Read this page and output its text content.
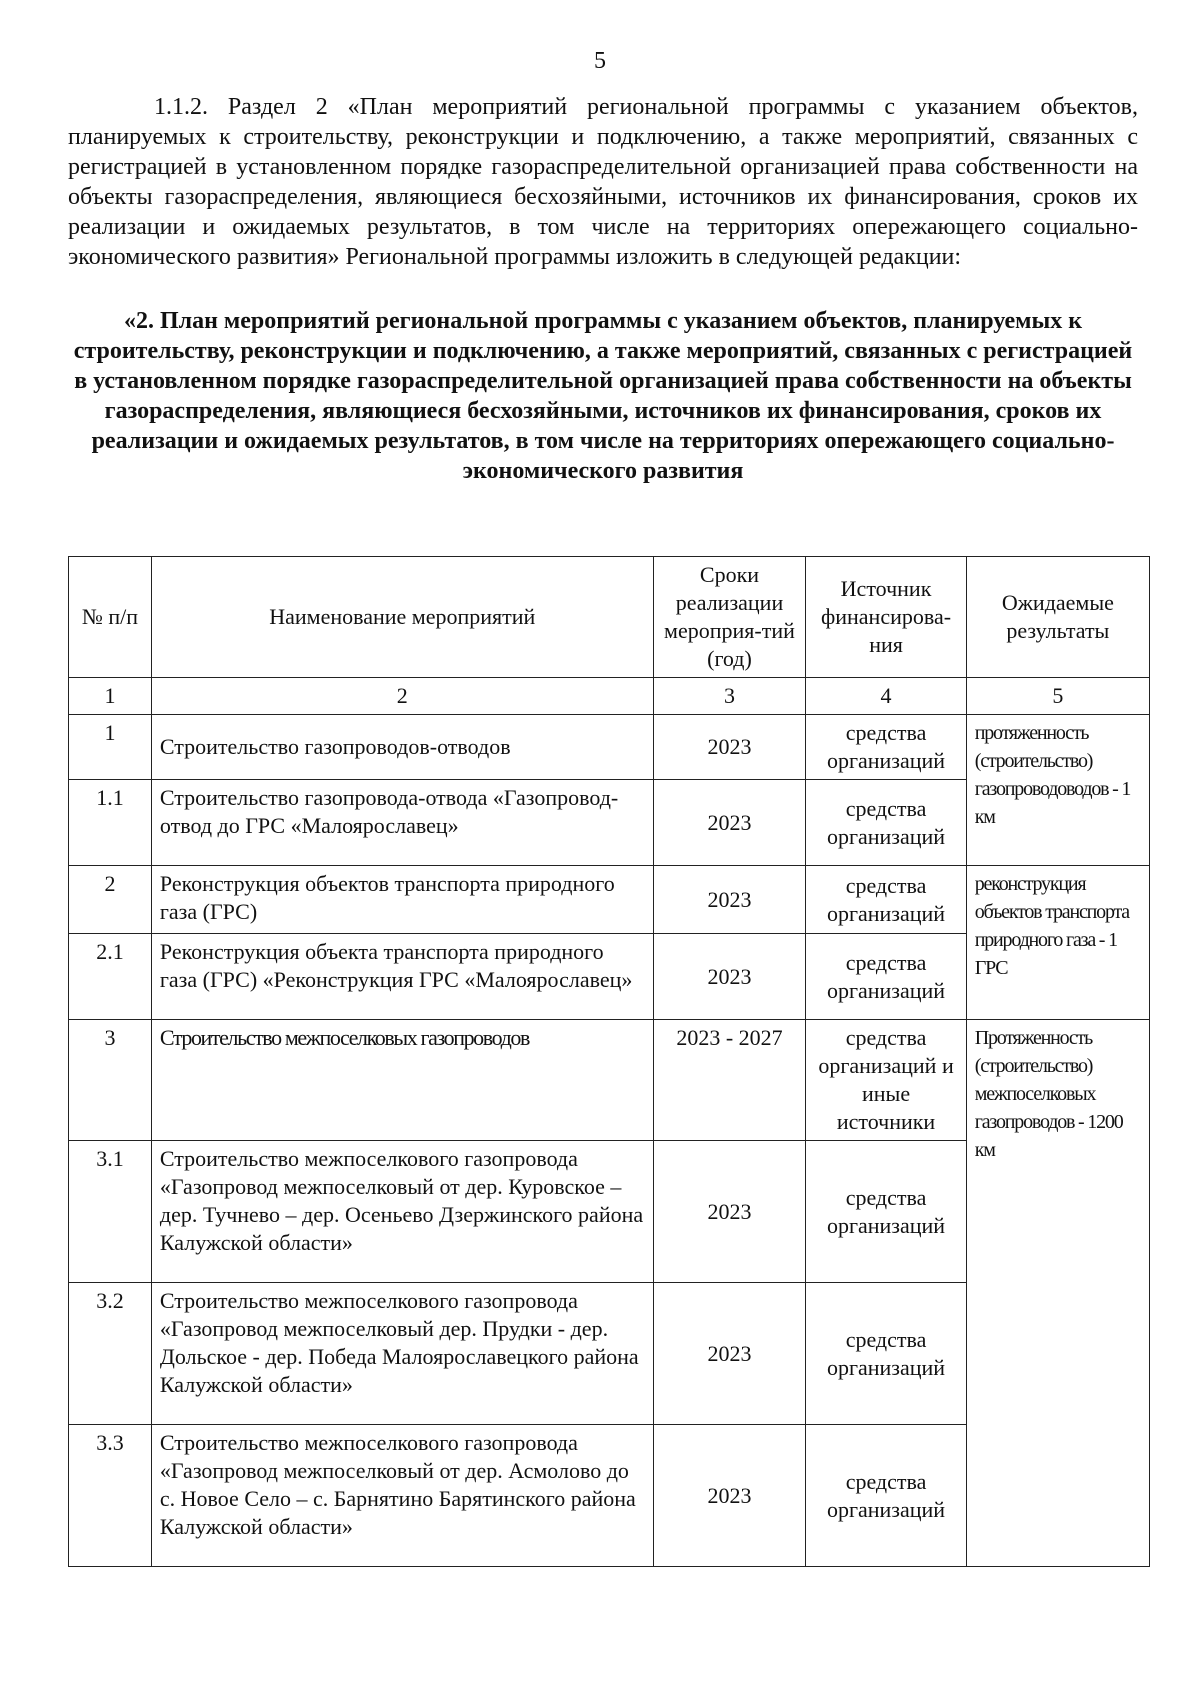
5

1.1.2. Раздел 2 «План мероприятий региональной программы с указанием объектов, планируемых к строительству, реконструкции и подключению, а также мероприятий, связанных с регистрацией в установленном порядке газораспределительной организацией права собственности на объекты газораспределения, являющиеся бесхозяйными, источников их финансирования, сроков их реализации и ожидаемых результатов, в том числе на территориях опережающего социально-экономического развития» Региональной программы изложить в следующей редакции:

«2. План мероприятий региональной программы с указанием объектов, планируемых к строительству, реконструкции и подключению, а также мероприятий, связанных с регистрацией в установленном порядке газораспределительной организацией права собственности на объекты газораспределения, являющиеся бесхозяйными, источников их финансирования, сроков их реализации и ожидаемых результатов, в том числе на территориях опережающего социально-экономического развития
№ п/п	Наименование мероприятий	Сроки реализации мероприя-тий (год)	Источник финансирова-ния	Ожидаемые результаты
1	2	3	4	5
1	Строительство газопроводов-отводов	2023	средства организаций	протяженность (строительство) газопроводоводов - 1 км
1.1	Строительство газопровода-отвода «Газопровод-отвод до ГРС «Малоярославец»	2023	средства организаций	
2	Реконструкция объектов транспорта природного газа (ГРС)	2023	средства организаций	реконструкция объектов транспорта природного газа - 1 ГРС
2.1	Реконструкция объекта транспорта природного газа (ГРС) «Реконструкция ГРС «Малоярославец»	2023	средства организаций	
3	Строительство межпоселковых газопроводов	2023 - 2027	средства организаций и иные источники	Протяженность (строительство) межпоселковых газопроводов - 1200 км
3.1	Строительство межпоселкового газопровода «Газопровод межпоселковый от дер. Куровское – дер. Тучнево – дер. Осеньево Дзержинского района Калужской области»	2023	средства организаций	
3.2	Строительство межпоселкового газопровода «Газопровод межпоселковый дер. Прудки - дер. Дольское - дер. Победа Малоярославецкого района Калужской области»	2023	средства организаций	
3.3	Строительство межпоселкового газопровода «Газопровод межпоселковый от дер. Асмолово до с. Новое Село – с. Барнятино Барятинского района Калужской области»	2023	средства организаций	
